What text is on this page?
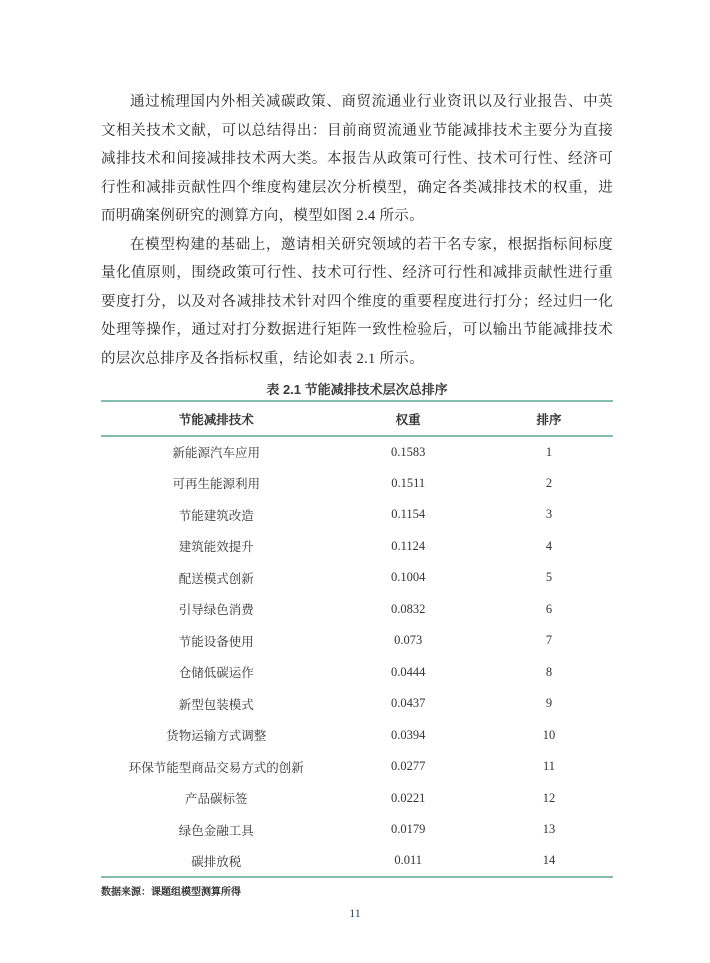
通过梳理国内外相关减碳政策、商贸流通业行业资讯以及行业报告、中英文相关技术文献，可以总结得出：目前商贸流通业节能减排技术主要分为直接减排技术和间接减排技术两大类。本报告从政策可行性、技术可行性、经济可行性和减排贡献性四个维度构建层次分析模型，确定各类减排技术的权重，进而明确案例研究的测算方向，模型如图 2.4 所示。

在模型构建的基础上，邀请相关研究领域的若干名专家，根据指标间标度量化值原则，围绕政策可行性、技术可行性、经济可行性和减排贡献性进行重要度打分，以及对各减排技术针对四个维度的重要程度进行打分；经过归一化处理等操作，通过对打分数据进行矩阵一致性检验后，可以输出节能减排技术的层次总排序及各指标权重，结论如表 2.1 所示。

表 2.1 节能减排技术层次总排序
节能减排技术	权重	排序
新能源汽车应用	0.1583	1
可再生能源利用	0.1511	2
节能建筑改造	0.1154	3
建筑能效提升	0.1124	4
配送模式创新	0.1004	5
引导绿色消费	0.0832	6
节能设备使用	0.073	7
仓储低碳运作	0.0444	8
新型包装模式	0.0437	9
货物运输方式调整	0.0394	10
环保节能型商品交易方式的创新	0.0277	11
产品碳标签	0.0221	12
绿色金融工具	0.0179	13
碳排放税	0.011	14
数据来源：课题组模型测算所得
11
